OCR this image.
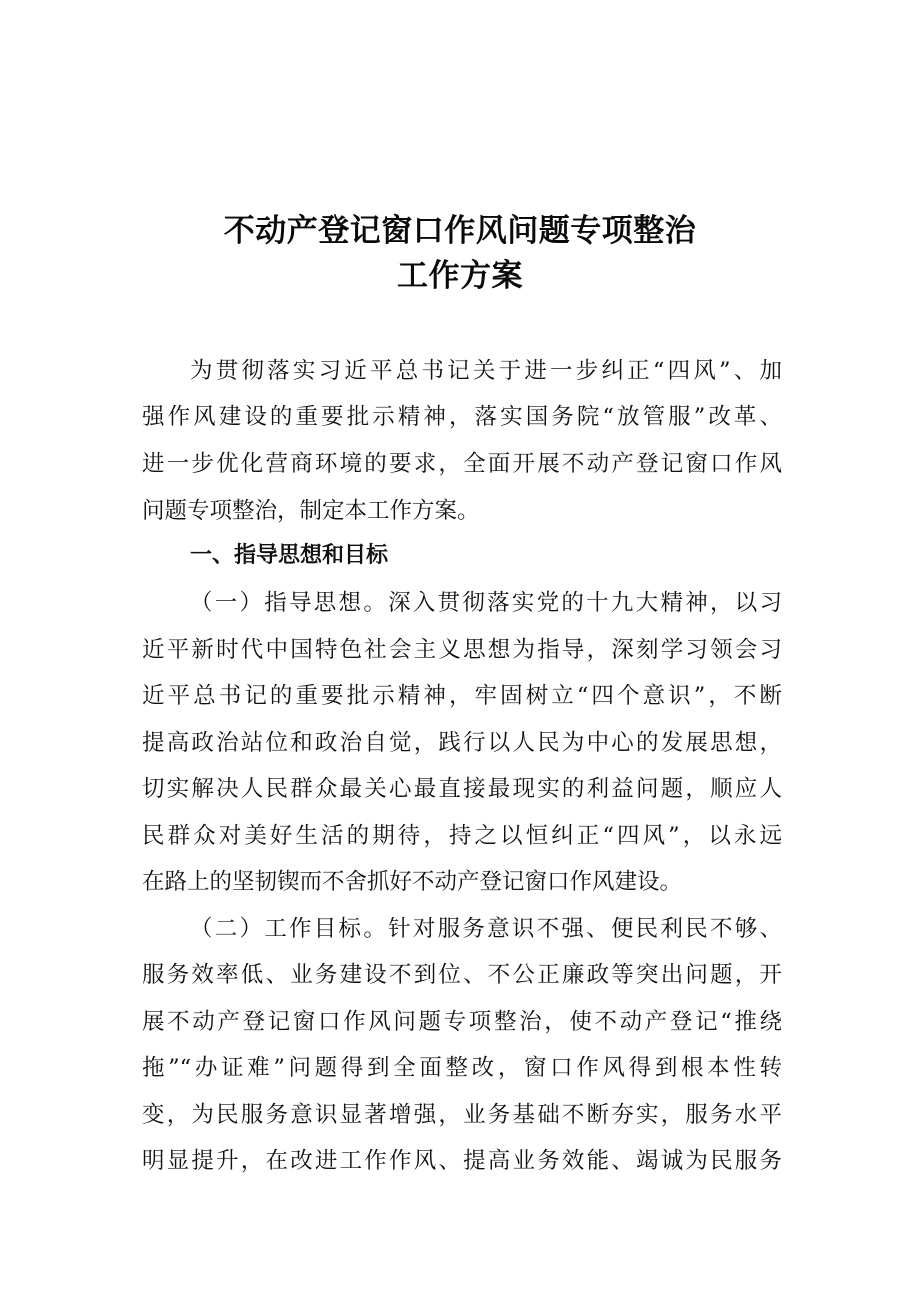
不动产登记窗口作风问题专项整治
工作方案
为贯彻落实习近平总书记关于进一步纠正“四风”、加
强作风建设的重要批示精神，落实国务院“放管服”改革、
进一步优化营商环境的要求，全面开展不动产登记窗口作风
问题专项整治，制定本工作方案。
一、指导思想和目标
（一）指导思想。深入贯彻落实党的十九大精神，以习
近平新时代中国特色社会主义思想为指导，深刻学习领会习
近平总书记的重要批示精神，牢固树立“四个意识”，不断
提高政治站位和政治自觉，践行以人民为中心的发展思想，
切实解决人民群众最关心最直接最现实的利益问题，顺应人
民群众对美好生活的期待，持之以恒纠正“四风”，以永远
在路上的坚韧锲而不舍抓好不动产登记窗口作风建设。
（二）工作目标。针对服务意识不强、便民利民不够、
服务效率低、业务建设不到位、不公正廉政等突出问题，开
展不动产登记窗口作风问题专项整治，使不动产登记“推绕
拖”“办证难”问题得到全面整改，窗口作风得到根本性转
变，为民服务意识显著增强，业务基础不断夯实，服务水平
明显提升，在改进工作作风、提高业务效能、竭诚为民服务
